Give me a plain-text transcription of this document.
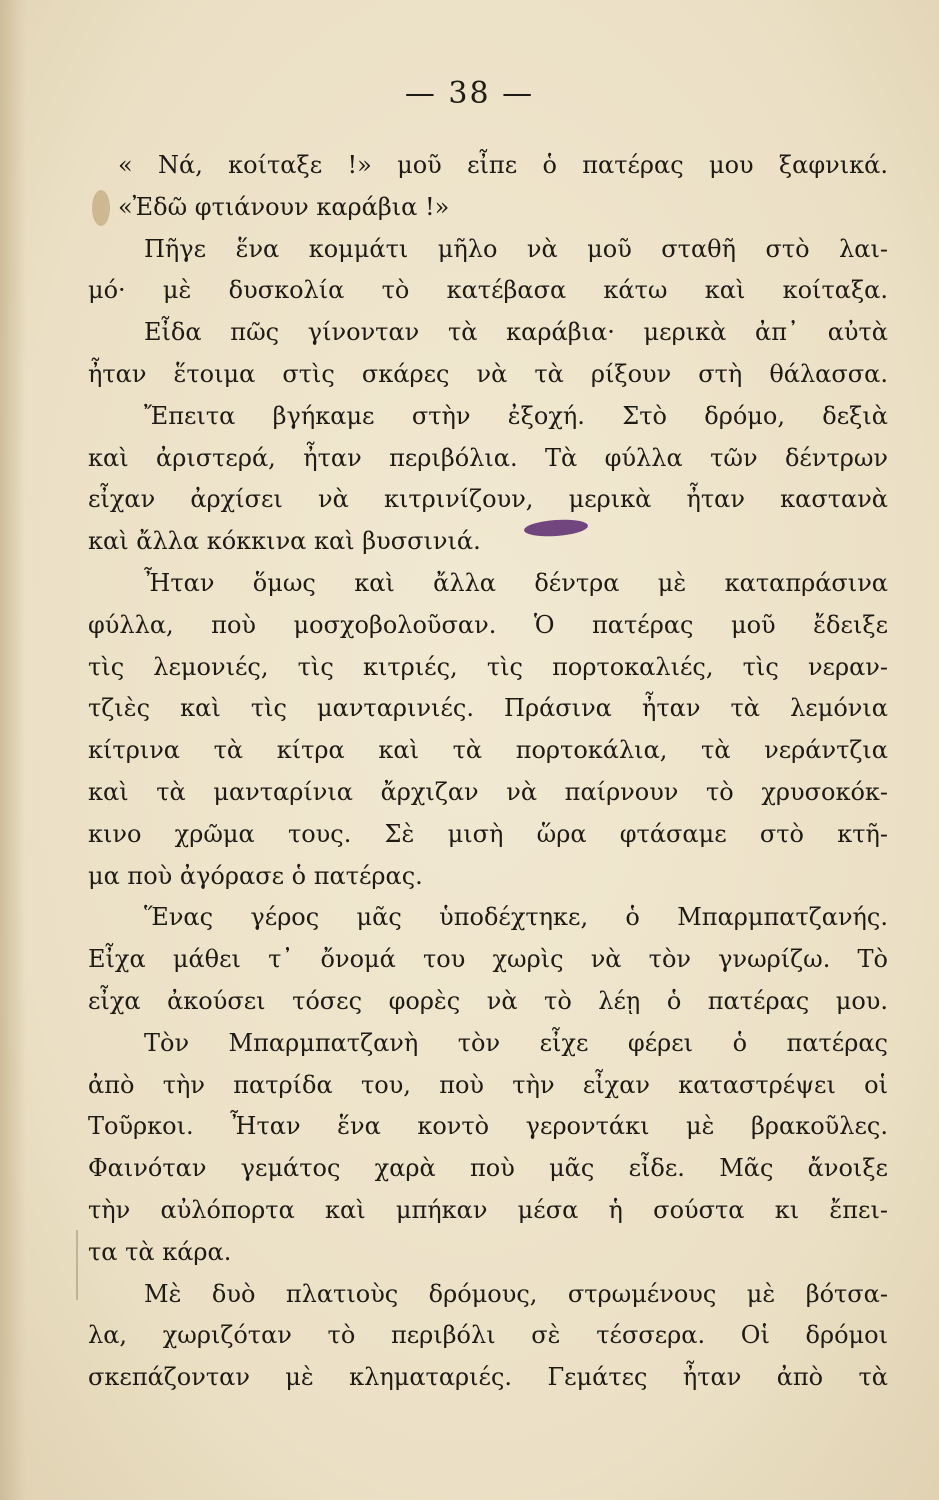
— 38 —
« Νά, κοίταξε !» μοῦ εἶπε ὁ πατέρας μου ξαφνικά.
«Ἐδῶ φτιάνουν καράβια !»
Πῆγε ἕνα κομμάτι μῆλο νὰ μοῦ σταθῆ στὸ λαι-
μό· μὲ δυσκολία τὸ κατέβασα κάτω καὶ κοίταξα.
Εἶδα πῶς γίνονταν τὰ καράβια· μερικὰ ἀπ᾿ αὐτὰ
ἦταν ἕτοιμα στὶς σκάρες νὰ τὰ ρίξουν στὴ θάλασσα.
Ἔπειτα βγήκαμε στὴν ἐξοχή. Στὸ δρόμο, δεξιὰ
καὶ ἀριστερά, ἦταν περιβόλια. Τὰ φύλλα τῶν δέντρων
εἶχαν ἀρχίσει νὰ κιτρινίζουν, μερικὰ ἦταν καστανὰ
καὶ ἄλλα κόκκινα καὶ βυσσινιά.
Ἦταν ὅμως καὶ ἄλλα δέντρα μὲ καταπράσινα
φύλλα, ποὺ μοσχοβολοῦσαν. Ὁ πατέρας μοῦ ἔδειξε
τὶς λεμονιές, τὶς κιτριές, τὶς πορτοκαλιές, τὶς νεραν-
τζιὲς καὶ τὶς μανταρινιές. Πράσινα ἦταν τὰ λεμόνια
κίτρινα τὰ κίτρα καὶ τὰ πορτοκάλια, τὰ νεράντζια
καὶ τὰ μανταρίνια ἄρχιζαν νὰ παίρνουν τὸ χρυσοκόκ-
κινο χρῶμα τους. Σὲ μισὴ ὥρα φτάσαμε στὸ κτῆ-
μα ποὺ ἀγόρασε ὁ πατέρας.
Ἕνας γέρος μᾶς ὑποδέχτηκε, ὁ Μπαρμπατζανής.
Εἶχα μάθει τ᾿ ὄνομά του χωρὶς νὰ τὸν γνωρίζω. Τὸ
εἶχα ἀκούσει τόσες φορὲς νὰ τὸ λέῃ ὁ πατέρας μου.
Τὸν Μπαρμπατζανὴ τὸν εἶχε φέρει ὁ πατέρας
ἀπὸ τὴν πατρίδα του, ποὺ τὴν εἶχαν καταστρέψει οἱ
Τοῦρκοι. Ἦταν ἕνα κοντὸ γεροντάκι μὲ βρακοῦλες.
Φαινόταν γεμάτος χαρὰ ποὺ μᾶς εἶδε. Μᾶς ἄνοιξε
τὴν αὐλόπορτα καὶ μπήκαν μέσα ἡ σούστα κι ἔπει-
τα τὰ κάρα.
Μὲ δυὸ πλατιοὺς δρόμους, στρωμένους μὲ βότσα-
λα, χωριζόταν τὸ περιβόλι σὲ τέσσερα. Οἱ δρόμοι
σκεπάζονταν μὲ κληματαριές. Γεμάτες ἦταν ἀπὸ τὰ
